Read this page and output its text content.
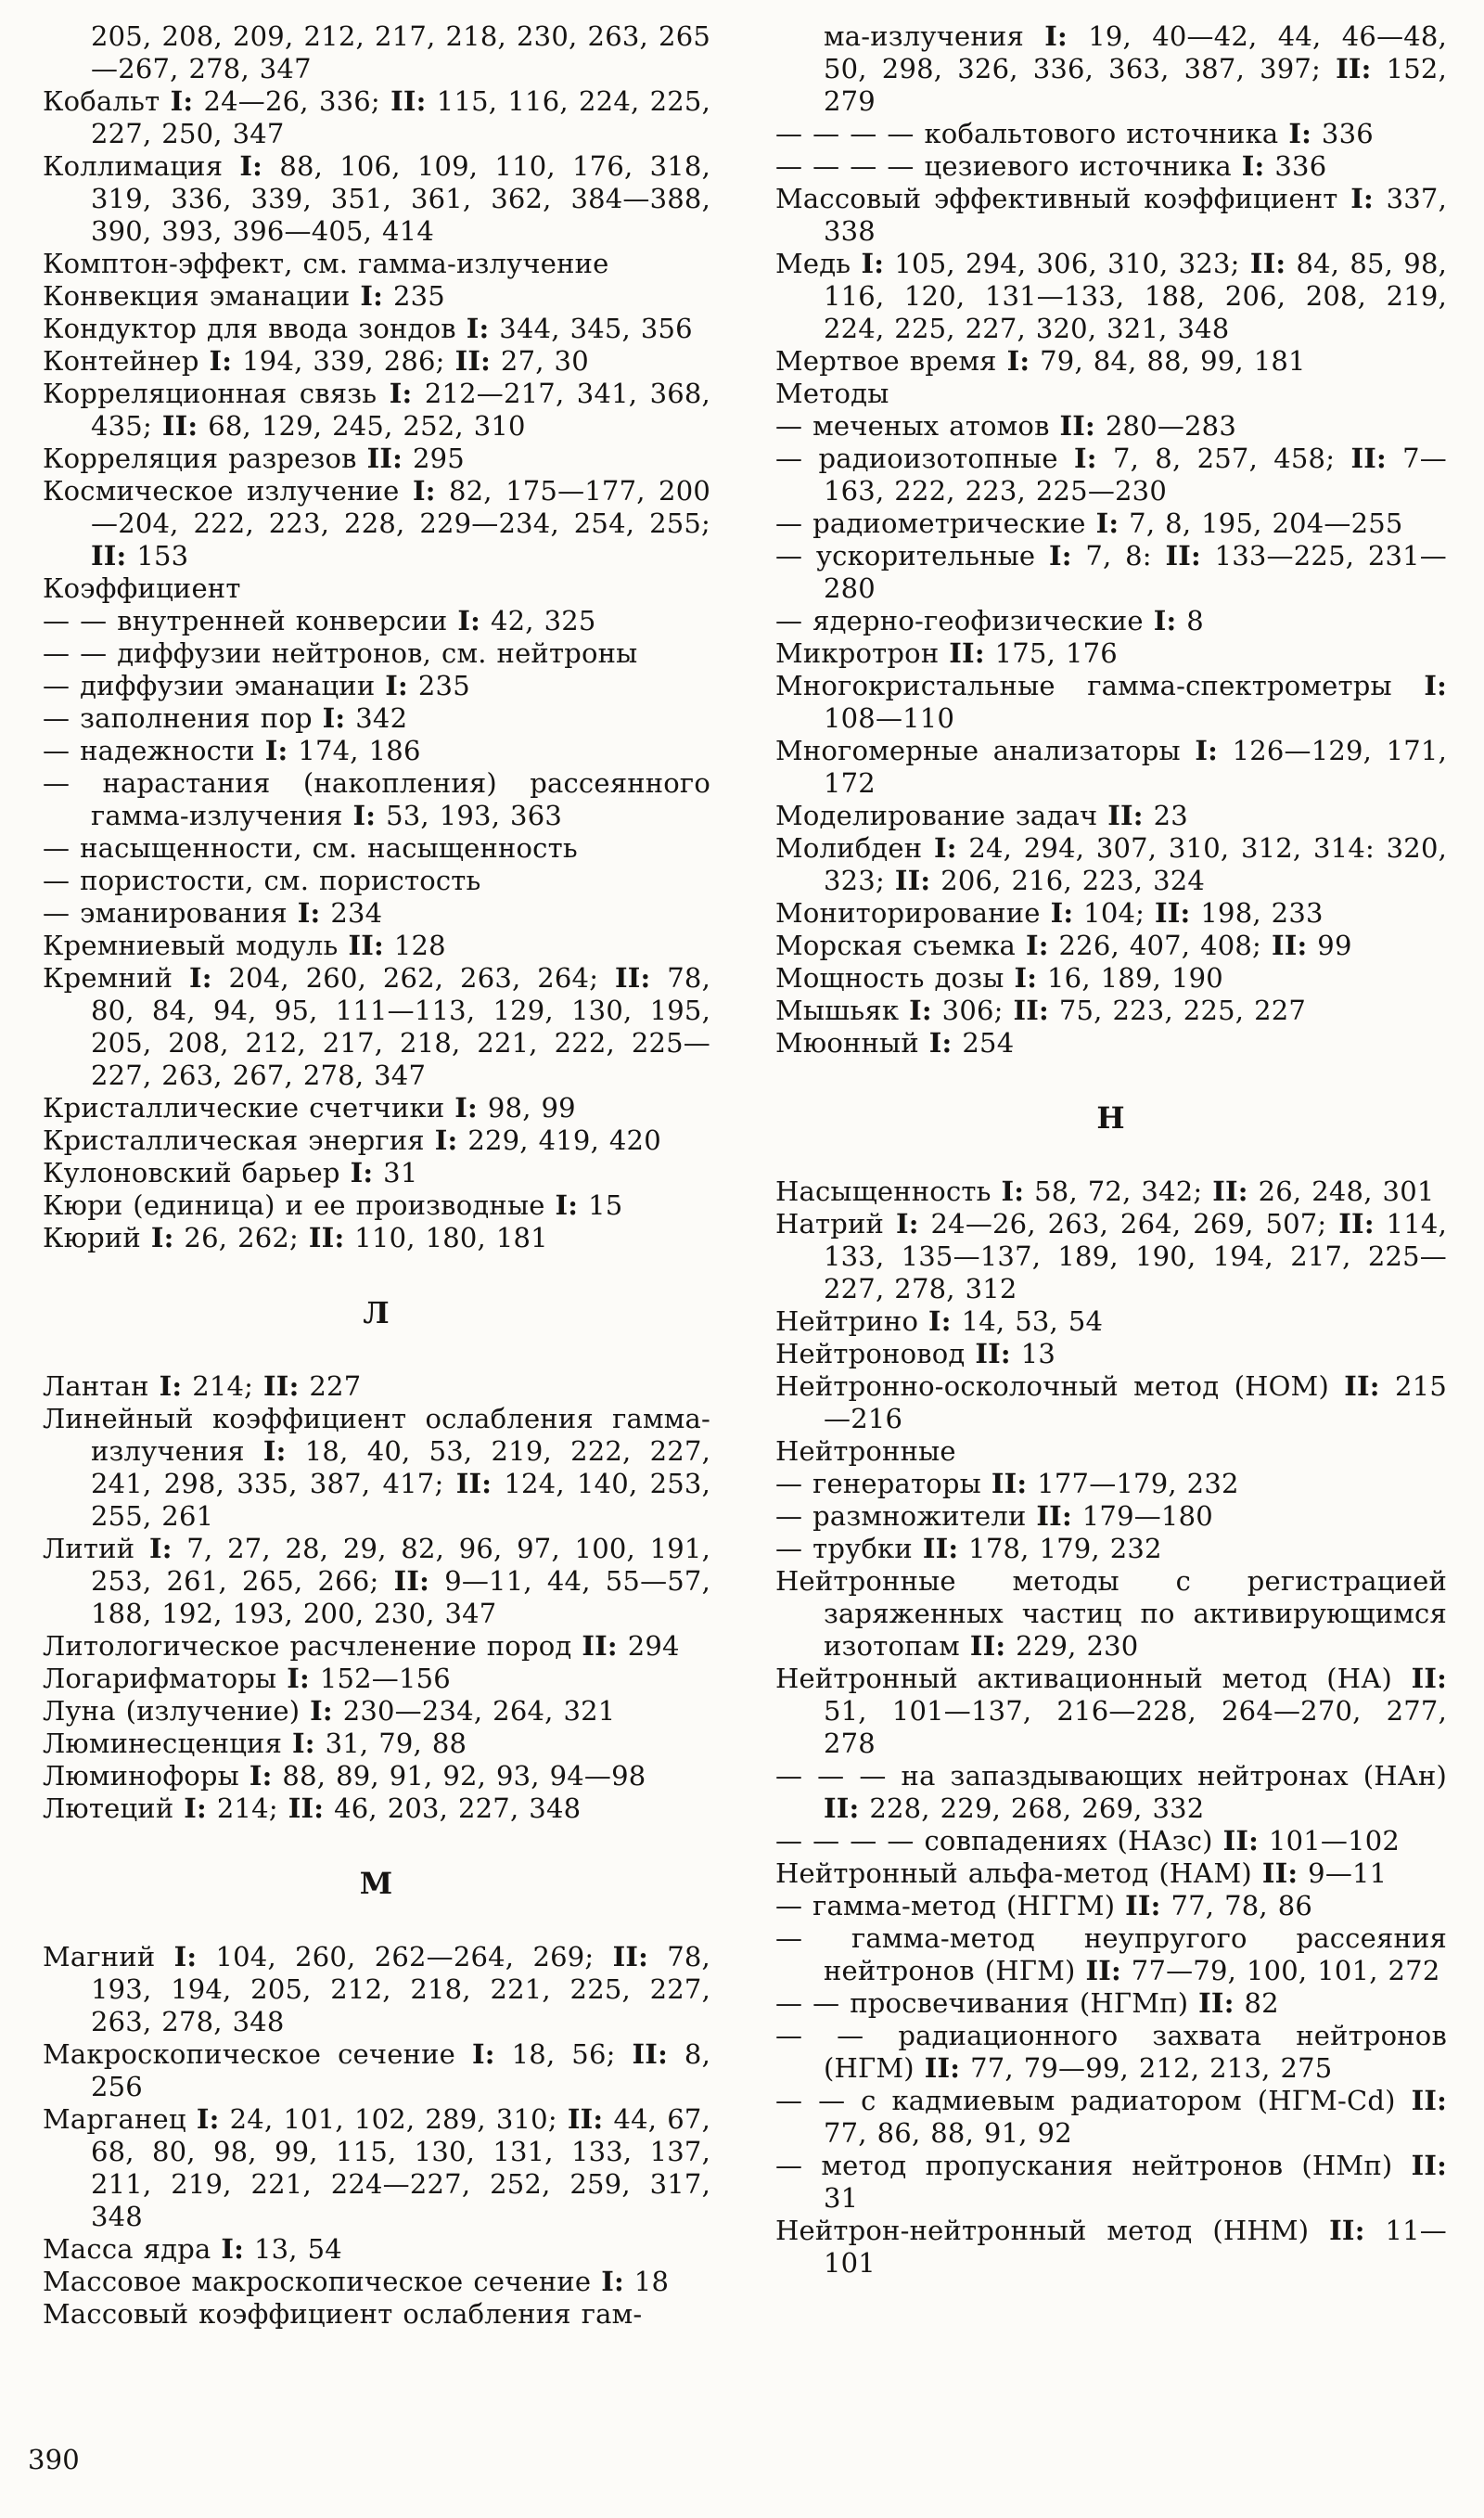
205, 208, 209, 212, 217, 218, 230, 263, 265—267, 278, 347

Кобальт I: 24—26, 336; II: 115, 116, 224, 225, 227, 250, 347

Коллимация I: 88, 106, 109, 110, 176, 318, 319, 336, 339, 351, 361, 362, 384—388, 390, 393, 396—405, 414

Комптон-эффект, см. гамма-излучение

Конвекция эманации I: 235

Кондуктор для ввода зондов I: 344, 345, 356

Контейнер I: 194, 339, 286; II: 27, 30

Корреляционная связь I: 212—217, 341, 368, 435; II: 68, 129, 245, 252, 310

Корреляция разрезов II: 295

Космическое излучение I: 82, 175—177, 200—204, 222, 223, 228, 229—234, 254, 255; II: 153

Коэффициент

— — внутренней конверсии I: 42, 325

— — диффузии нейтронов, см. нейтроны

— диффузии эманации I: 235

— заполнения пор I: 342

— надежности I: 174, 186

— нарастания (накопления) рассеянного гамма-излучения I: 53, 193, 363

— насыщенности, см. насыщенность

— пористости, см. пористость

— эманирования I: 234

Кремниевый модуль II: 128

Кремний I: 204, 260, 262, 263, 264; II: 78, 80, 84, 94, 95, 111—113, 129, 130, 195, 205, 208, 212, 217, 218, 221, 222, 225—227, 263, 267, 278, 347

Кристаллические счетчики I: 98, 99

Кристаллическая энергия I: 229, 419, 420

Кулоновский барьер I: 31

Кюри (единица) и ее производные I: 15

Кюрий I: 26, 262; II: 110, 180, 181

Л

Лантан I: 214; II: 227

Линейный коэффициент ослабления гамма-излучения I: 18, 40, 53, 219, 222, 227, 241, 298, 335, 387, 417; II: 124, 140, 253, 255, 261

Литий I: 7, 27, 28, 29, 82, 96, 97, 100, 191, 253, 261, 265, 266; II: 9—11, 44, 55—57, 188, 192, 193, 200, 230, 347

Литологическое расчленение пород II: 294

Логарифматоры I: 152—156

Луна (излучение) I: 230—234, 264, 321

Люминесценция I: 31, 79, 88

Люминофоры I: 88, 89, 91, 92, 93, 94—98

Лютеций I: 214; II: 46, 203, 227, 348

М

Магний I: 104, 260, 262—264, 269; II: 78, 193, 194, 205, 212, 218, 221, 225, 227, 263, 278, 348

Макроскопическое сечение I: 18, 56; II: 8, 256

Марганец I: 24, 101, 102, 289, 310; II: 44, 67, 68, 80, 98, 99, 115, 130, 131, 133, 137, 211, 219, 221, 224—227, 252, 259, 317, 348

Масса ядра I: 13, 54

Массовое макроскопическое сечение I: 18

Массовый коэффициент ослабления гам-

ма-излучения I: 19, 40—42, 44, 46—48, 50, 298, 326, 336, 363, 387, 397; II: 152, 279

— — — — кобальтового источника I: 336

— — — — цезиевого источника I: 336

Массовый эффективный коэффициент I: 337, 338

Медь I: 105, 294, 306, 310, 323; II: 84, 85, 98, 116, 120, 131—133, 188, 206, 208, 219, 224, 225, 227, 320, 321, 348

Мертвое время I: 79, 84, 88, 99, 181

Методы

— меченых атомов II: 280—283

— радиоизотопные I: 7, 8, 257, 458; II: 7—163, 222, 223, 225—230

— радиометрические I: 7, 8, 195, 204—255

— ускорительные I: 7, 8: II: 133—225, 231—280

— ядерно-геофизические I: 8

Микротрон II: 175, 176

Многокристальные гамма-спектрометры I: 108—110

Многомерные анализаторы I: 126—129, 171, 172

Моделирование задач II: 23

Молибден I: 24, 294, 307, 310, 312, 314: 320, 323; II: 206, 216, 223, 324

Мониторирование I: 104; II: 198, 233

Морская съемка I: 226, 407, 408; II: 99

Мощность дозы I: 16, 189, 190

Мышьяк I: 306; II: 75, 223, 225, 227

Мюонный I: 254

Н

Насыщенность I: 58, 72, 342; II: 26, 248, 301

Натрий I: 24—26, 263, 264, 269, 507; II: 114, 133, 135—137, 189, 190, 194, 217, 225—227, 278, 312

Нейтрино I: 14, 53, 54

Нейтроновод II: 13

Нейтронно-осколочный метод (НОМ) II: 215—216

Нейтронные

— генераторы II: 177—179, 232

— размножители II: 179—180

— трубки II: 178, 179, 232

Нейтронные методы с регистрацией заряженных частиц по активирующимся изотопам II: 229, 230

Нейтронный активационный метод (НА) II: 51, 101—137, 216—228, 264—270, 277, 278

— — — на запаздывающих нейтронах (НАн) II: 228, 229, 268, 269, 332

— — — — совпадениях (НАзс) II: 101—102

Нейтронный альфа-метод (НАМ) II: 9—11

— гамма-метод (НГГМ) II: 77, 78, 86

— гамма-метод неупругого рассеяния нейтронов (НГМ) II: 77—79, 100, 101, 272

— — просвечивания (НГМп) II: 82

— — радиационного захвата нейтронов (НГМ) II: 77, 79—99, 212, 213, 275

— — с кадмиевым радиатором (НГМ-Cd) II: 77, 86, 88, 91, 92

— метод пропускания нейтронов (НМп) II: 31

Нейтрон-нейтронный метод (ННМ) II: 11—101

390
